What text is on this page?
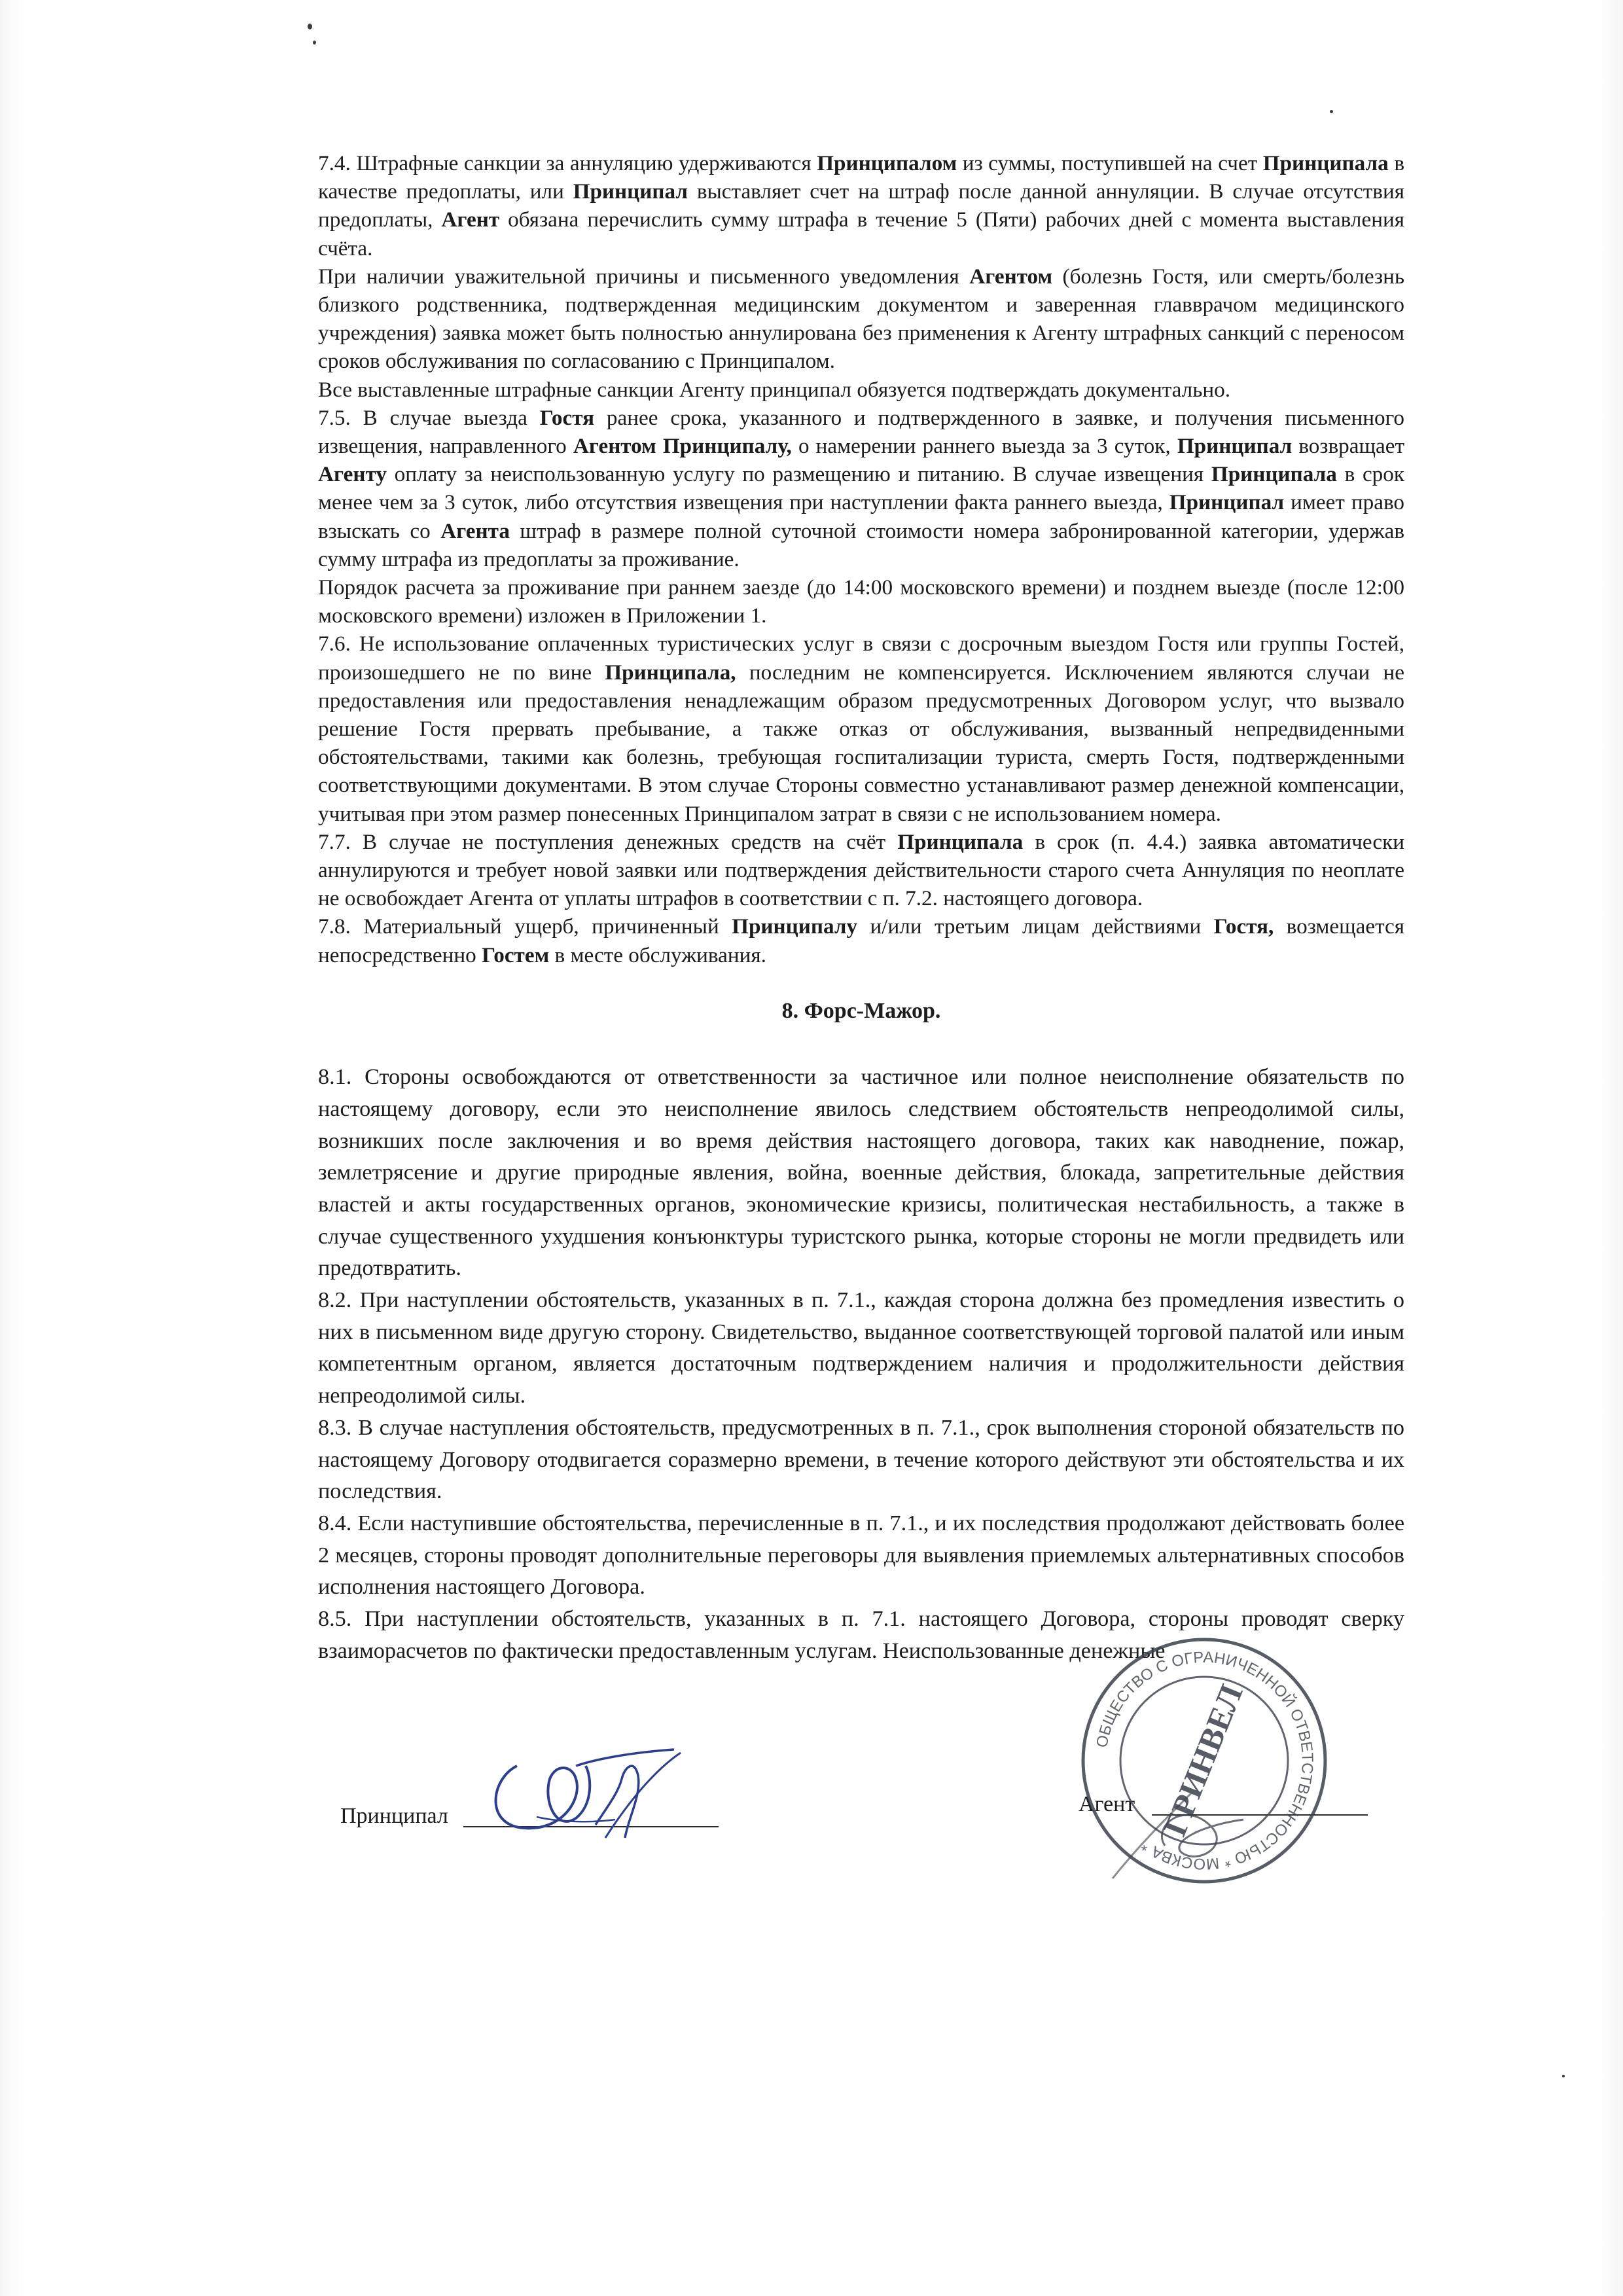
7.4. Штрафные санкции за аннуляцию удерживаются Принципалом из суммы, поступившей на счет Принципала в качестве предоплаты, или Принципал выставляет счет на штраф после данной аннуляции. В случае отсутствия предоплаты, Агент обязана перечислить сумму штрафа в течение 5 (Пяти) рабочих дней с момента выставления счёта.

При наличии уважительной причины и письменного уведомления Агентом (болезнь Гостя, или смерть/болезнь близкого родственника, подтвержденная медицинским документом и заверенная главврачом медицинского учреждения) заявка может быть полностью аннулирована без применения к Агенту штрафных санкций с переносом сроков обслуживания по согласованию с Принципалом.

Все выставленные штрафные санкции Агенту принципал обязуется подтверждать документально.

7.5. В случае выезда Гостя ранее срока, указанного и подтвержденного в заявке, и получения письменного извещения, направленного Агентом Принципалу, о намерении раннего выезда за 3 суток, Принципал возвращает Агенту оплату за неиспользованную услугу по размещению и питанию. В случае извещения Принципала в срок менее чем за 3 суток, либо отсутствия извещения при наступлении факта раннего выезда, Принципал имеет право взыскать со Агента штраф в размере полной суточной стоимости номера забронированной категории, удержав сумму штрафа из предоплаты за проживание.

Порядок расчета за проживание при раннем заезде (до 14:00 московского времени) и позднем выезде (после 12:00 московского времени) изложен в Приложении 1.

7.6. Не использование оплаченных туристических услуг в связи с досрочным выездом Гостя или группы Гостей, произошедшего не по вине Принципала, последним не компенсируется. Исключением являются случаи не предоставления или предоставления ненадлежащим образом предусмотренных Договором услуг, что вызвало решение Гостя прервать пребывание, а также отказ от обслуживания, вызванный непредвиденными обстоятельствами, такими как болезнь, требующая госпитализации туриста, смерть Гостя, подтвержденными соответствующими документами. В этом случае Стороны совместно устанавливают размер денежной компенсации, учитывая при этом размер понесенных Принципалом затрат в связи с не использованием номера.

7.7. В случае не поступления денежных средств на счёт Принципала в срок (п. 4.4.) заявка автоматически аннулируются и требует новой заявки или подтверждения действительности старого счета Аннуляция по неоплате не освобождает Агента от уплаты штрафов в соответствии с п. 7.2. настоящего договора.

7.8. Материальный ущерб, причиненный Принципалу и/или третьим лицам действиями Гостя, возмещается непосредственно Гостем в месте обслуживания.

8. Форс-Мажор.

8.1. Стороны освобождаются от ответственности за частичное или полное неисполнение обязательств по настоящему договору, если это неисполнение явилось следствием обстоятельств непреодолимой силы, возникших после заключения и во время действия настоящего договора, таких как наводнение, пожар, землетрясение и другие природные явления, война, военные действия, блокада, запретительные действия властей и акты государственных органов, экономические кризисы, политическая нестабильность, а также в случае существенного ухудшения конъюнктуры туристского рынка, которые стороны не могли предвидеть или предотвратить.

8.2. При наступлении обстоятельств, указанных в п. 7.1., каждая сторона должна без промедления известить о них в письменном виде другую сторону. Свидетельство, выданное соответствующей торговой палатой или иным компетентным органом, является достаточным подтверждением наличия и продолжительности действия непреодолимой силы.

8.3. В случае наступления обстоятельств, предусмотренных в п. 7.1., срок выполнения стороной обязательств по настоящему Договору отодвигается соразмерно времени, в течение которого действуют эти обстоятельства и их последствия.

8.4. Если наступившие обстоятельства, перечисленные в п. 7.1., и их последствия продолжают действовать более 2 месяцев, стороны проводят дополнительные переговоры для выявления приемлемых альтернативных способов исполнения настоящего Договора.

8.5. При наступлении обстоятельств, указанных в п. 7.1. настоящего Договора, стороны проводят сверку взаиморасчетов по фактически предоставленным услугам. Неиспользованные денежные

Принципал	Агент
ОБЩЕСТВО С ОГРАНИЧЕННОЙ ОТВЕТСТВЕННОСТЬЮ * МОСКВА *
ГРИНВЕЛ
